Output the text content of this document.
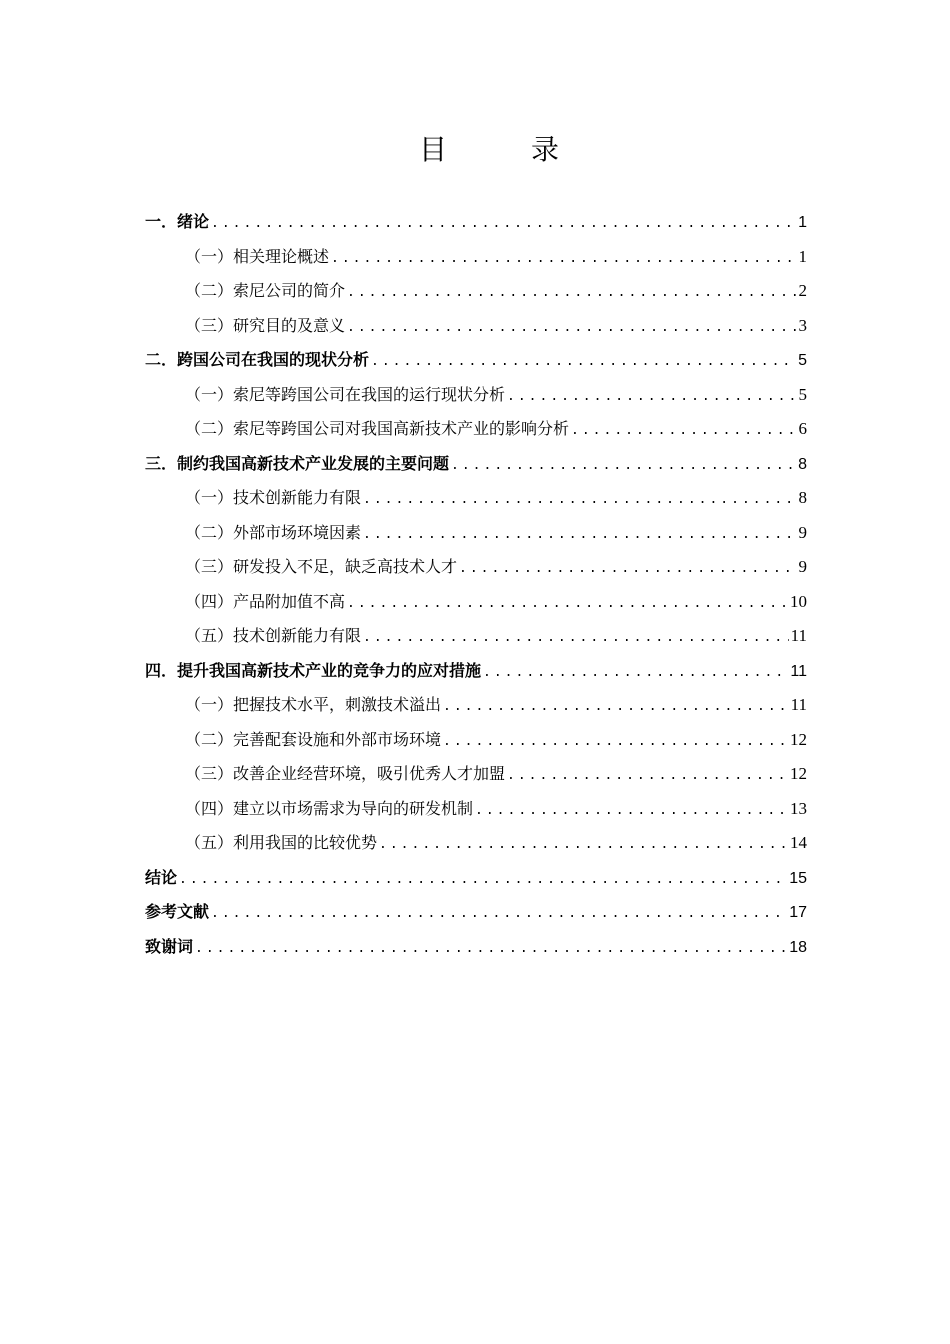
目　录
一．绪论 .....	1
（一）相关理论概述 .....	1
（二）索尼公司的简介 .....	2
（三）研究目的及意义 .....	3
二．跨国公司在我国的现状分析 .....	5
（一）索尼等跨国公司在我国的运行现状分析 .....	5
（二）索尼等跨国公司对我国高新技术产业的影响分析 .....	6
三．制约我国高新技术产业发展的主要问题 .....	8
（一）技术创新能力有限 .....	8
（二）外部市场环境因素 .....	9
（三）研发投入不足，缺乏高技术人才 .....	9
（四）产品附加值不高 .....	10
（五）技术创新能力有限 .....	11
四．提升我国高新技术产业的竞争力的应对措施 .....	11
（一）把握技术水平，刺激技术溢出 .....	11
（二）完善配套设施和外部市场环境 .....	12
（三）改善企业经营环境，吸引优秀人才加盟 .....	12
（四）建立以市场需求为导向的研发机制 .....	13
（五）利用我国的比较优势 .....	14
结论 .....	15
参考文献 .....	17
致谢词 .....	18
